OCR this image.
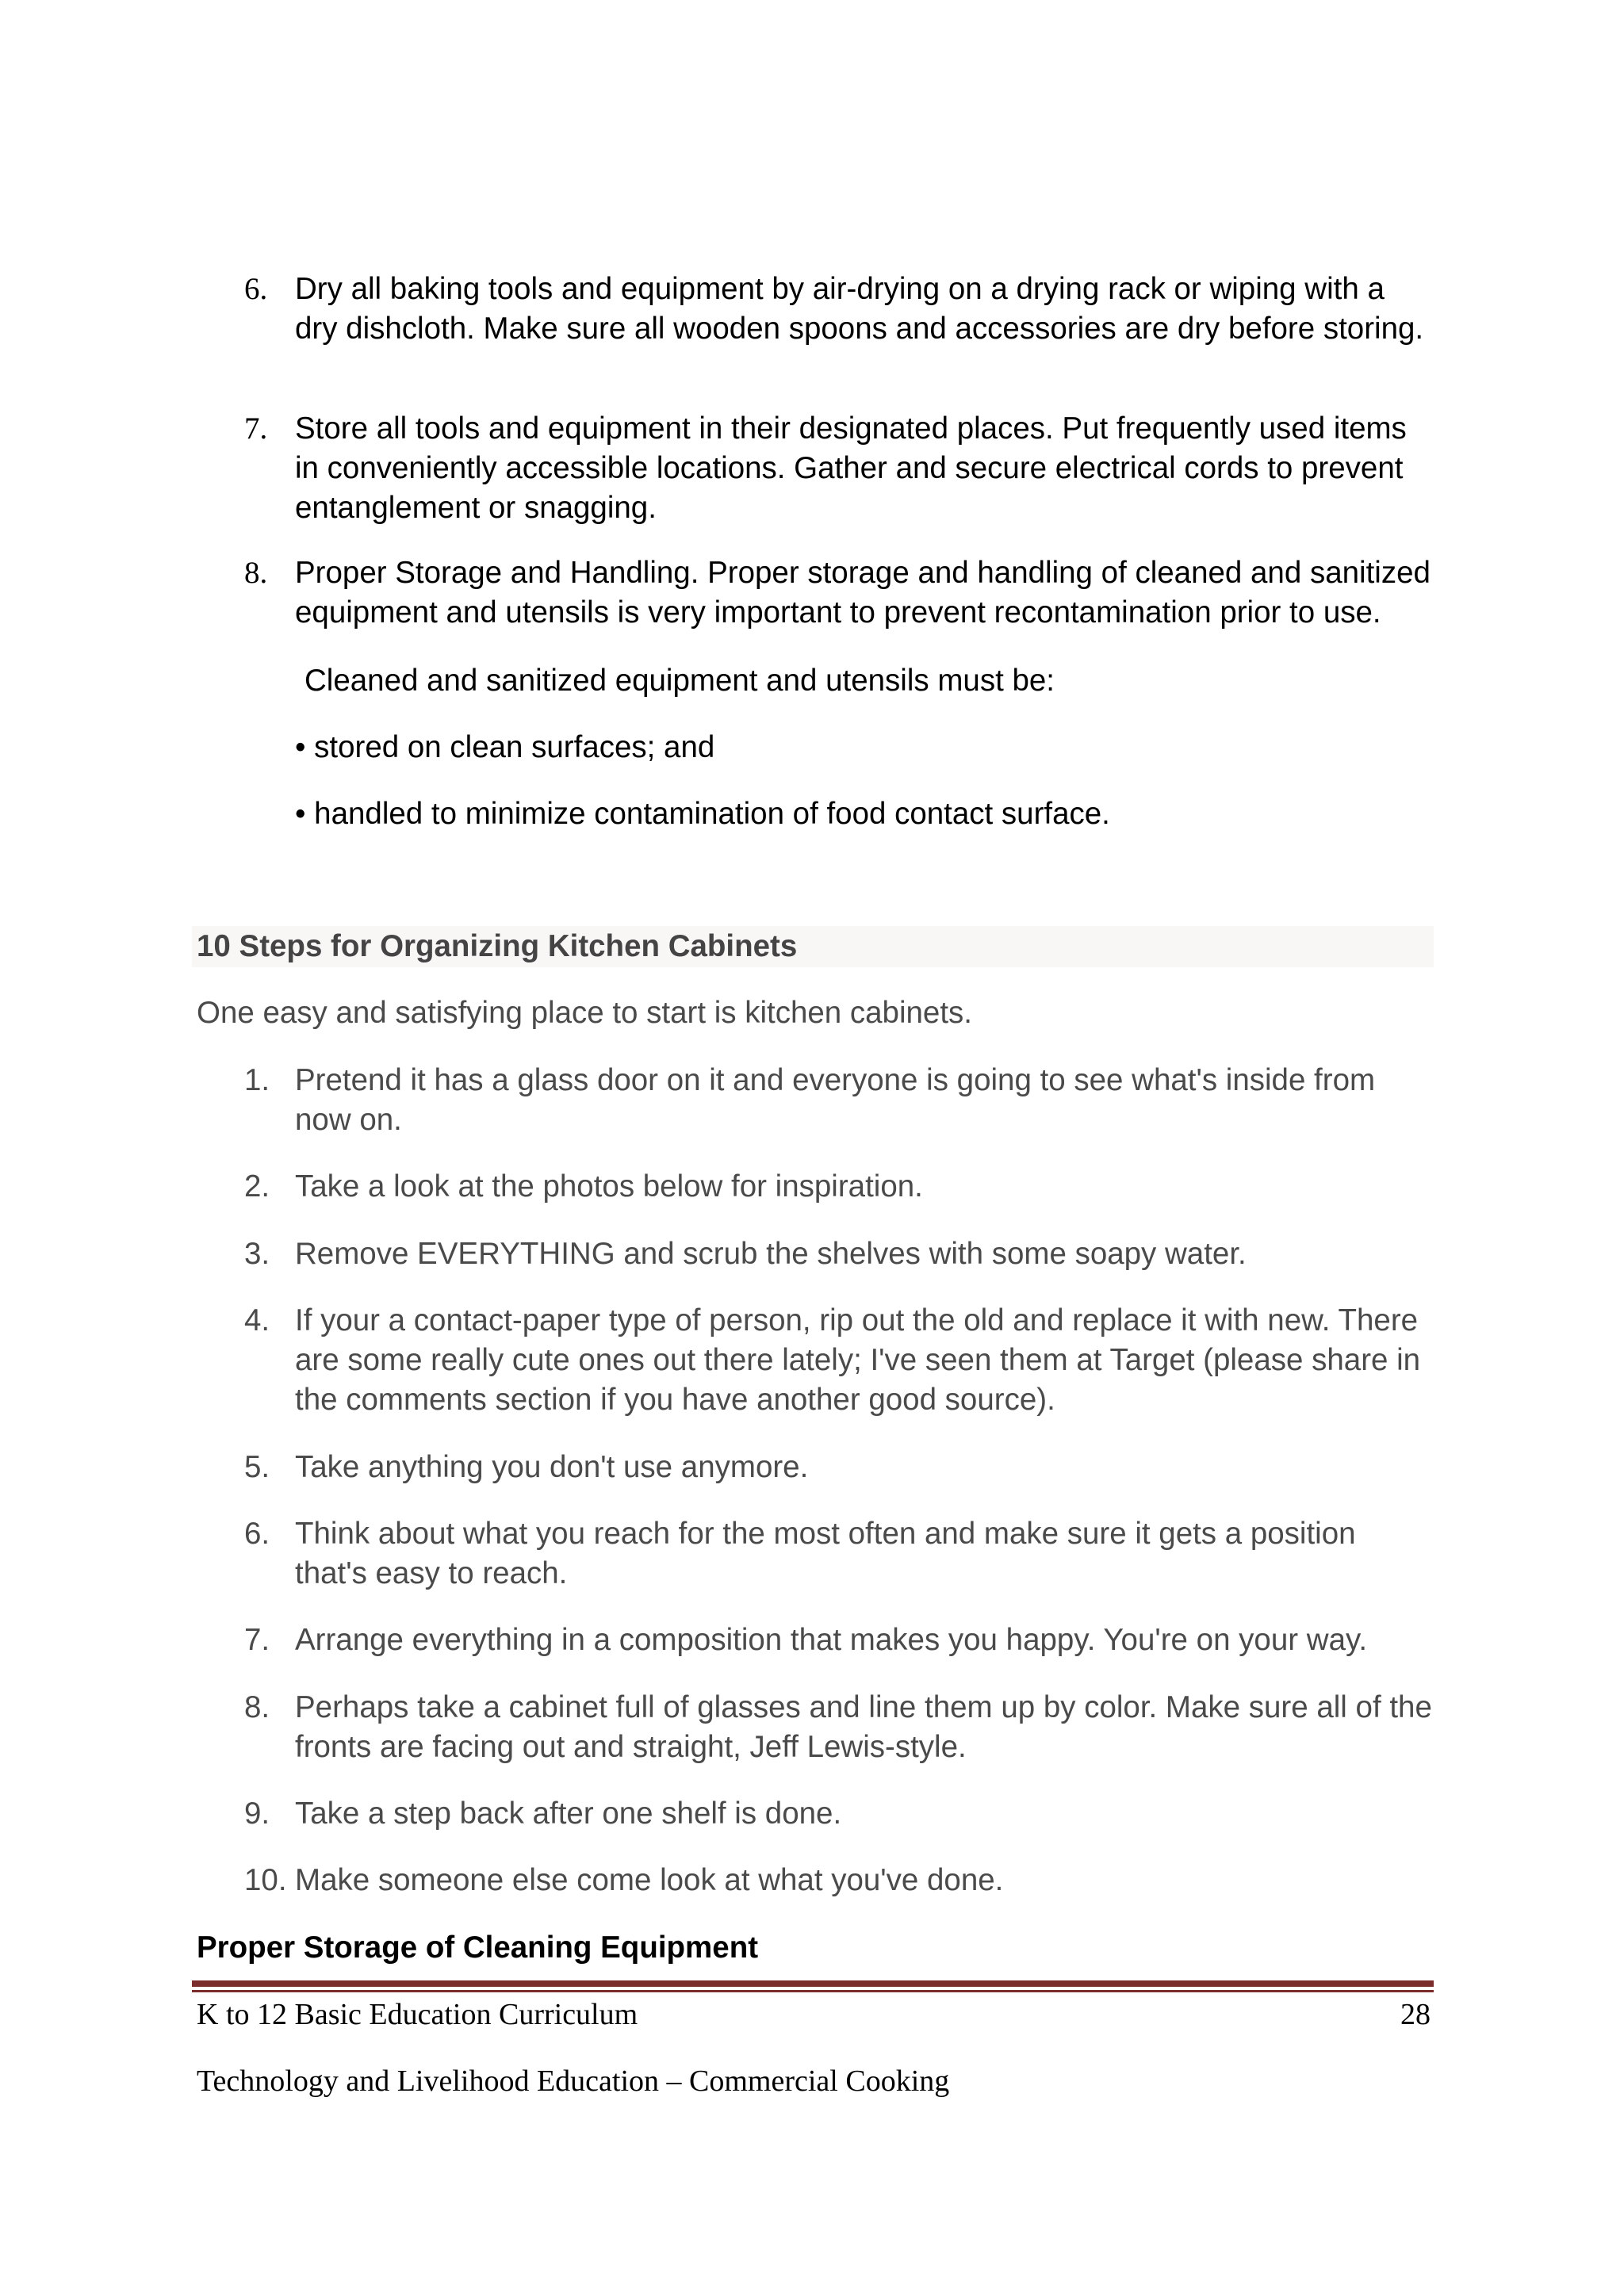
6. Dry all baking tools and equipment by air-drying on a drying rack or wiping with a dry dishcloth. Make sure all wooden spoons and accessories are dry before storing.
7. Store all tools and equipment in their designated places. Put frequently used items in conveniently accessible locations. Gather and secure electrical cords to prevent entanglement or snagging.
8. Proper Storage and Handling. Proper storage and handling of cleaned and sanitized equipment and utensils is very important to prevent recontamination prior to use.
Cleaned and sanitized equipment and utensils must be:
• stored on clean surfaces; and
• handled to minimize contamination of food contact surface.
10 Steps for Organizing Kitchen Cabinets
One easy and satisfying place to start is kitchen cabinets.
1. Pretend it has a glass door on it and everyone is going to see what's inside from now on.
2. Take a look at the photos below for inspiration.
3. Remove EVERYTHING and scrub the shelves with some soapy water.
4. If your a contact-paper type of person, rip out the old and replace it with new. There are some really cute ones out there lately; I've seen them at Target (please share in the comments section if you have another good source).
5. Take anything you don't use anymore.
6. Think about what you reach for the most often and make sure it gets a position that's easy to reach.
7. Arrange everything in a composition that makes you happy. You're on your way.
8. Perhaps take a cabinet full of glasses and line them up by color. Make sure all of the fronts are facing out and straight, Jeff Lewis-style.
9. Take a step back after one shelf is done.
10. Make someone else come look at what you've done.
Proper Storage of Cleaning Equipment
K to 12 Basic Education Curriculum	28
Technology and Livelihood Education – Commercial Cooking
